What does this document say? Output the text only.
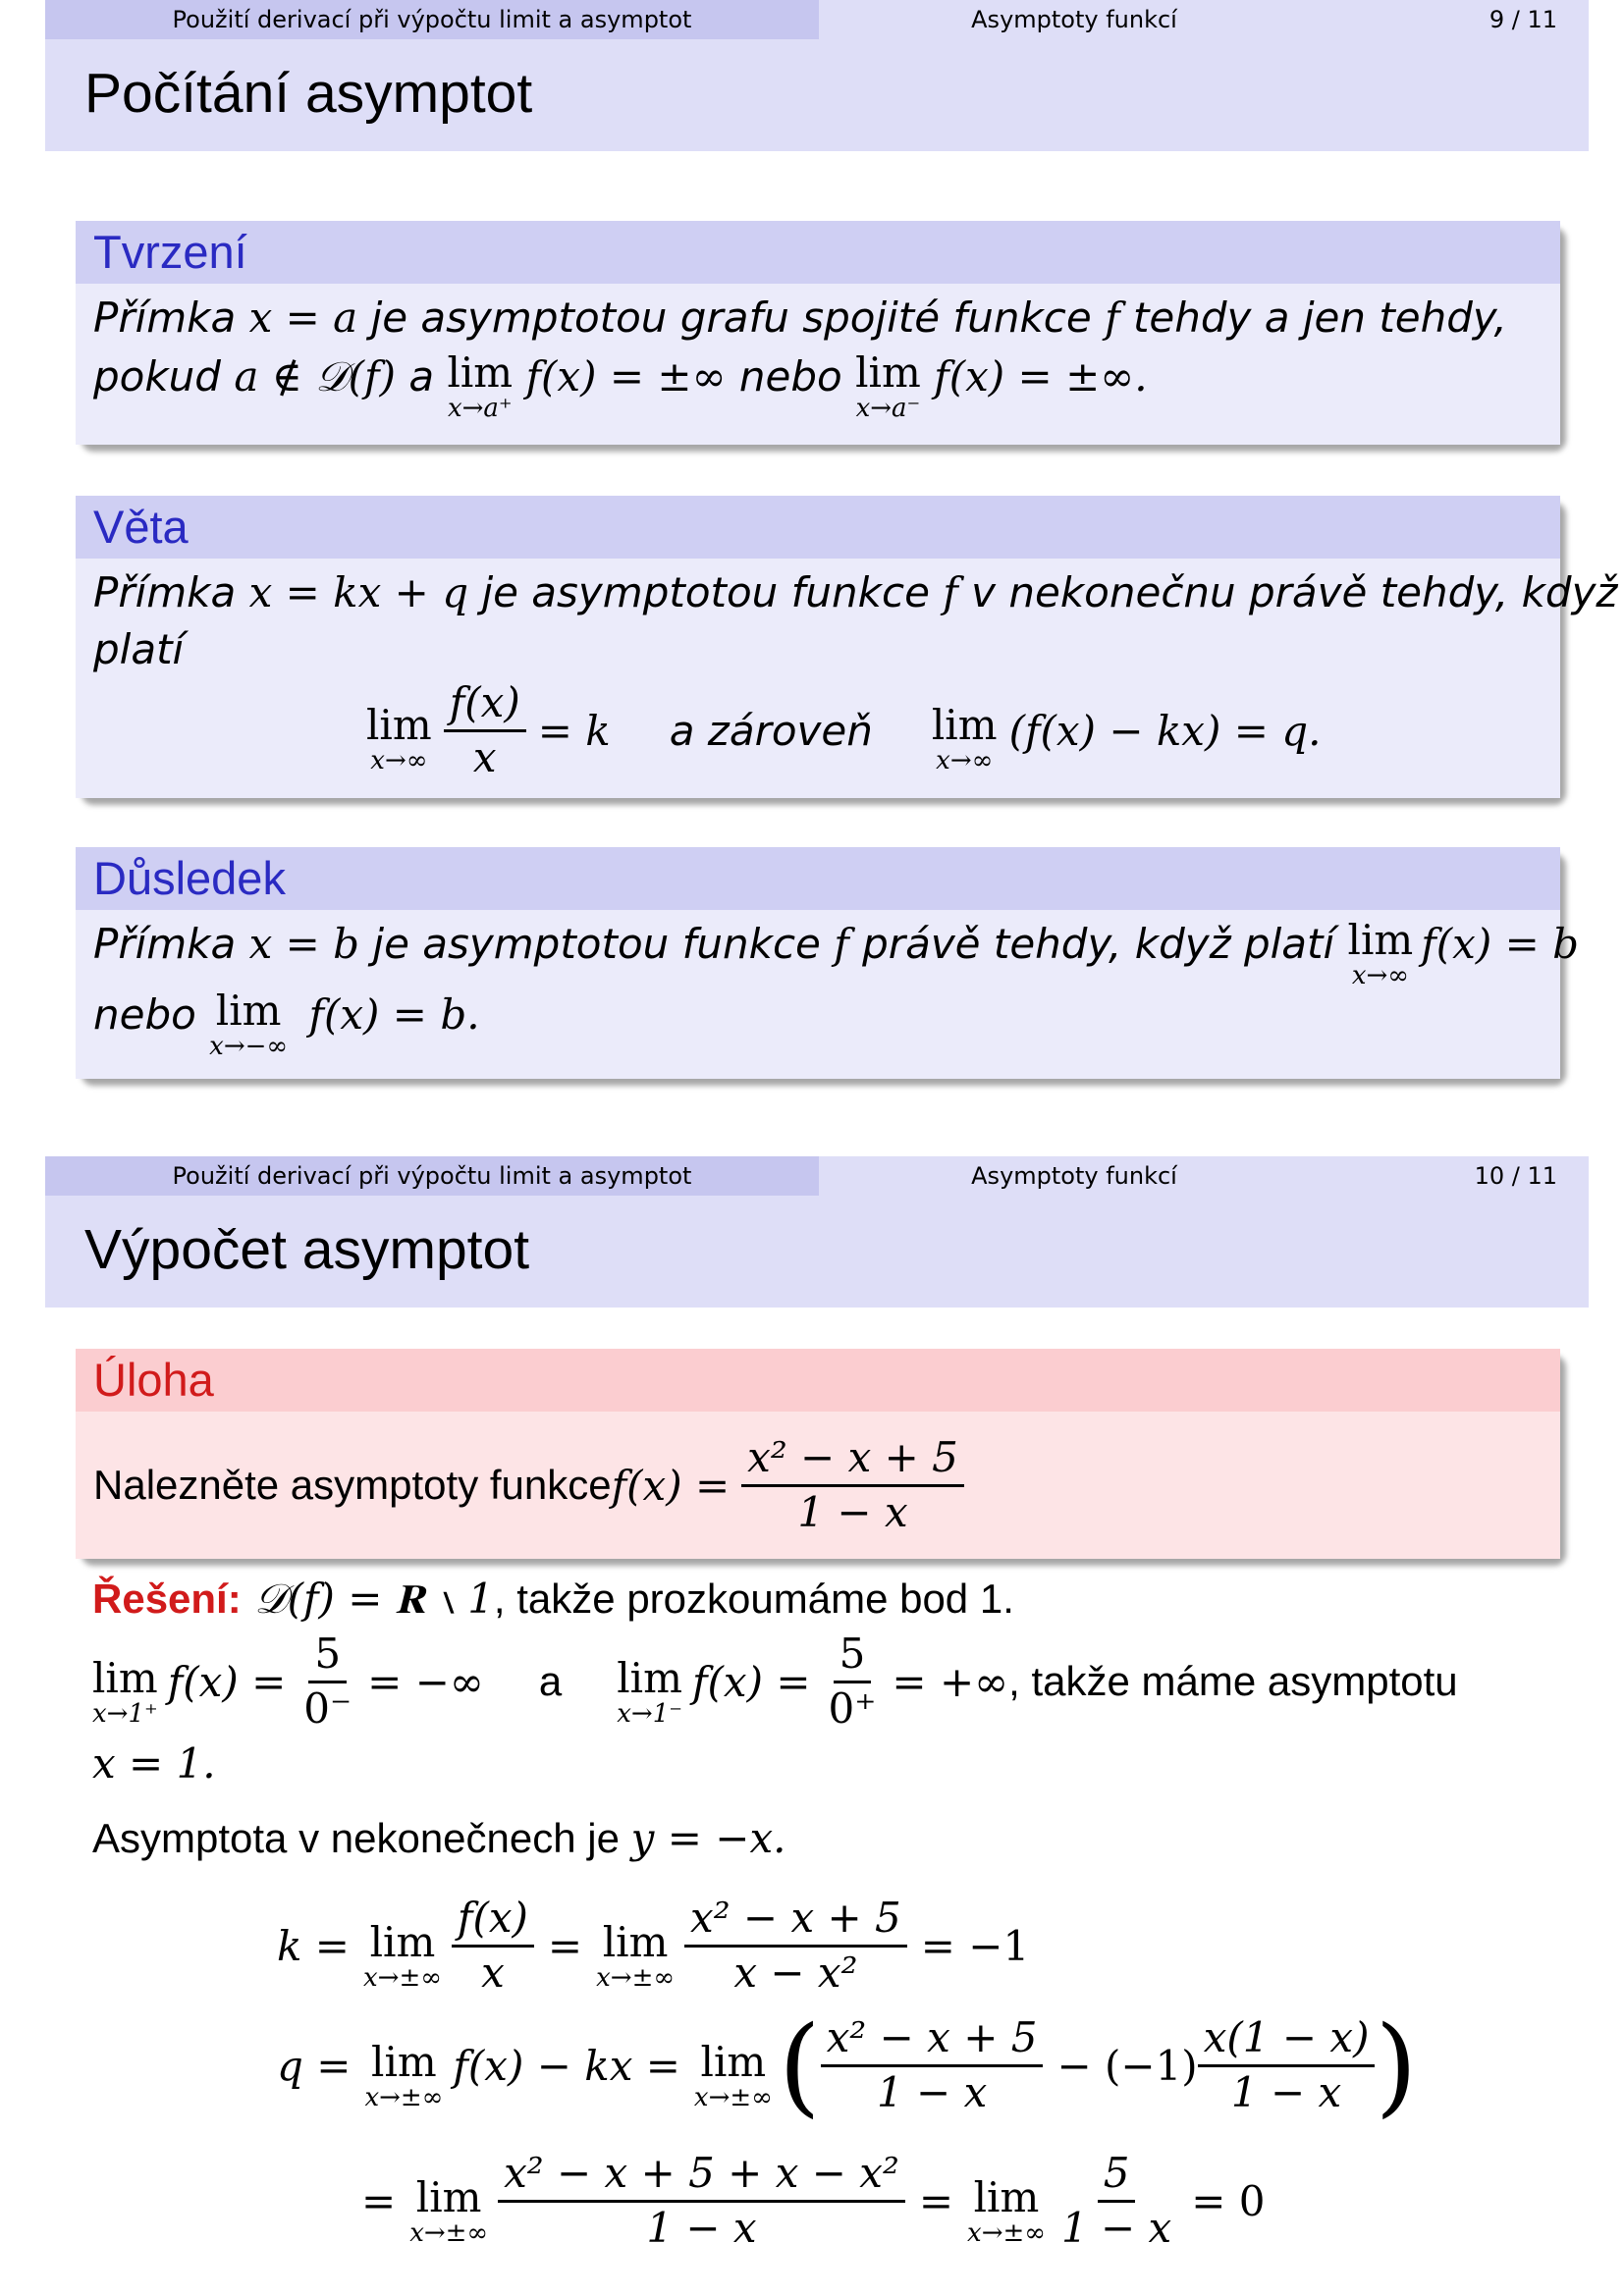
Použití derivací při výpočtu limit a asymptot	Asymptoty funkcí	9 / 11
Počítání asymptot
Tvrzení
Přímka x = a je asymptotou grafu spojité funkce f tehdy a jen tehdy,
pokud a ∉ 𝒟(f) a lim
x→a⁺
f(x) = ±∞ nebo lim
x→a⁻
f(x) = ±∞.
Věta
Přímka x = kx + q je asymptotou funkce f v nekonečnu právě tehdy, když
platí
lim
$x\to\infty \frac{f(x)}{x} = k$ a zároveň lim
x→∞
(f(x) − kx) = q.
Důsledek
Přímka x = b je asymptotou funkce f právě tehdy, když platí lim
x→∞
f(x) = b
nebo lim
x→−∞
f(x) = b.
Použití derivací při výpočtu limit a asymptot	Asymptoty funkcí	10 / 11
Výpočet asymptot
Úloha
Nalezněte asymptoty funkce $f(x) = \frac{\text{x² − x + 5}}{1 - x}$
Řešení: 𝒟(f) = 𝐑 ∖ 1, takže prozkoumáme bod 1.
lim
x→1⁺
$f(x) = \frac{5}{0^-}$ = −∞ a lim
x→1⁻
$f(x) = \frac{5}{0^+}$ = +∞ , takže máme asymptotu
x = 1.
Asymptota v nekonečnech je y = −x.
k = lim
$x\to\pm\infty \frac{f(x)}{x} = \lim$
$x\to\pm\infty \frac{\text{x² − x + 5}}{\text{x − x²}} = -1$
q = lim
x→±∞
f(x) − kx = lim
x→±∞ ( $\frac{\text{x² − x + 5}}{1 - x} - (-1) \frac{x(1 - x)}{1 - x}$ )
= lim
$x\to\pm\infty \frac{\text{x² − x + 5 + x − x²}}{1 - x} = \lim$
$x\to\pm\infty \frac{5}{1 - x} = 0$
